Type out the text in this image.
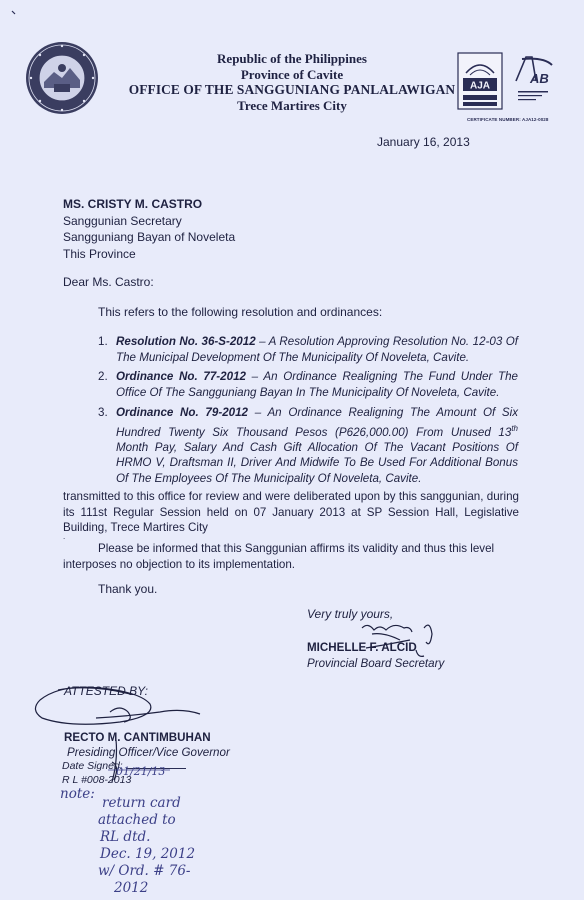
Republic of the Philippines
Province of Cavite
OFFICE OF THE SANGGUNIANG PANLALAWIGAN
Trece Martires City
AJA	AB
CERTIFICATE NUMBER: AJA12-0028
January 16, 2013
MS. CRISTY M. CASTRO
Sanggunian Secretary
Sangguniang Bayan of Noveleta
This Province
Dear Ms. Castro:
This refers to the following resolution and ordinances:
1. Resolution No. 36-S-2012 – A Resolution Approving Resolution No. 12-03 Of The Municipal Development Of The Municipality Of Noveleta, Cavite.
2. Ordinance No. 77-2012 – An Ordinance Realigning The Fund Under The Office Of The Sangguniang Bayan In The Municipality Of Noveleta, Cavite.
3. Ordinance No. 79-2012 – An Ordinance Realigning The Amount Of Six Hundred Twenty Six Thousand Pesos (P626,000.00) From Unused 13th Month Pay, Salary And Cash Gift Allocation Of The Vacant Positions Of HRMO V, Draftsman II, Driver And Midwife To Be Used For Additional Bonus Of The Employees Of The Municipality Of Noveleta, Cavite.
transmitted to this office for review and were deliberated upon by this sanggunian, during its 111st Regular Session held on 07 January 2013 at SP Session Hall, Legislative Building, Trece Martires City
.
Please be informed that this Sanggunian affirms its validity and thus this level interposes no objection to its implementation.
Thank you.
Very truly yours,
MICHELLE F. ALCID
Provincial Board Secretary
ATTESTED BY:
RECTO M. CANTIMBUHAN
Presiding Officer/Vice Governor
Date Signed:
R L #008-2013
01/21/13
note:
return card
attached to
RL dtd.
Dec. 19, 2012
w/ Ord. # 76-
2012
